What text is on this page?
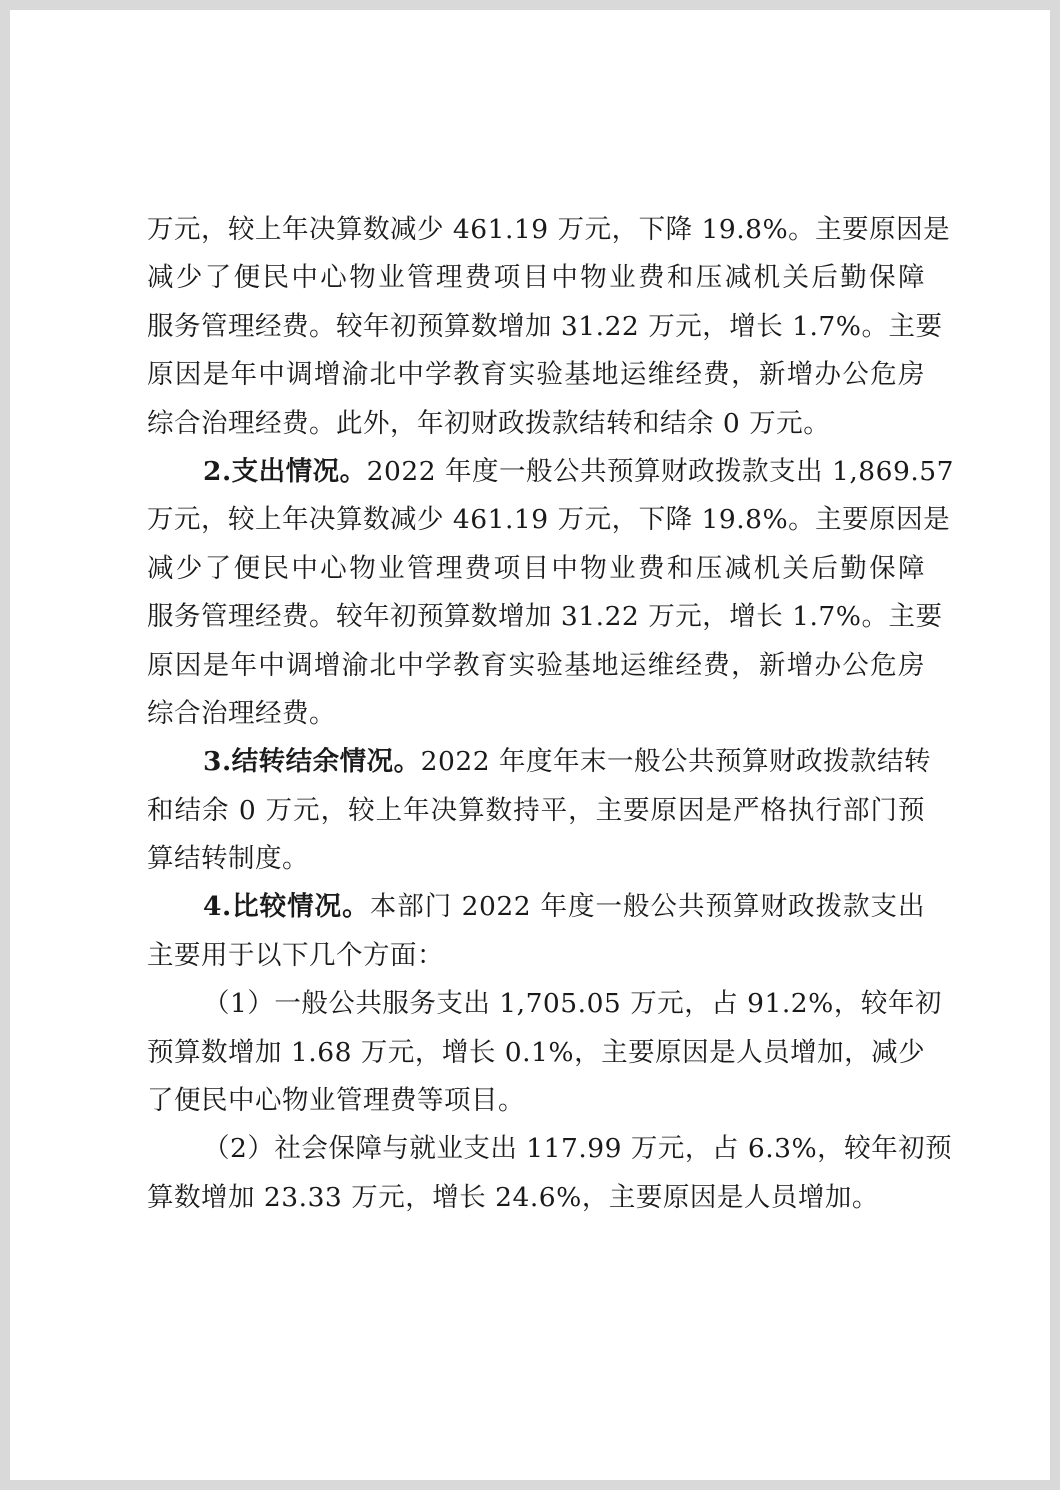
万元，较上年决算数减少 461.19 万元，下降 19.8%。主要原因是
减少了便民中心物业管理费项目中物业费和压减机关后勤保障
服务管理经费。较年初预算数增加 31.22 万元，增长 1.7%。主要
原因是年中调增渝北中学教育实验基地运维经费，新增办公危房
综合治理经费。此外，年初财政拨款结转和结余 0 万元。
2.支出情况。2022 年度一般公共预算财政拨款支出 1,869.57
万元，较上年决算数减少 461.19 万元，下降 19.8%。主要原因是
减少了便民中心物业管理费项目中物业费和压减机关后勤保障
服务管理经费。较年初预算数增加 31.22 万元，增长 1.7%。主要
原因是年中调增渝北中学教育实验基地运维经费，新增办公危房
综合治理经费。
3.结转结余情况。2022 年度年末一般公共预算财政拨款结转
和结余 0 万元，较上年决算数持平，主要原因是严格执行部门预
算结转制度。
4.比较情况。本部门 2022 年度一般公共预算财政拨款支出
主要用于以下几个方面：
（1）一般公共服务支出 1,705.05 万元，占 91.2%，较年初
预算数增加 1.68 万元，增长 0.1%，主要原因是人员增加，减少
了便民中心物业管理费等项目。
（2）社会保障与就业支出 117.99 万元，占 6.3%，较年初预
算数增加 23.33 万元，增长 24.6%，主要原因是人员增加。
